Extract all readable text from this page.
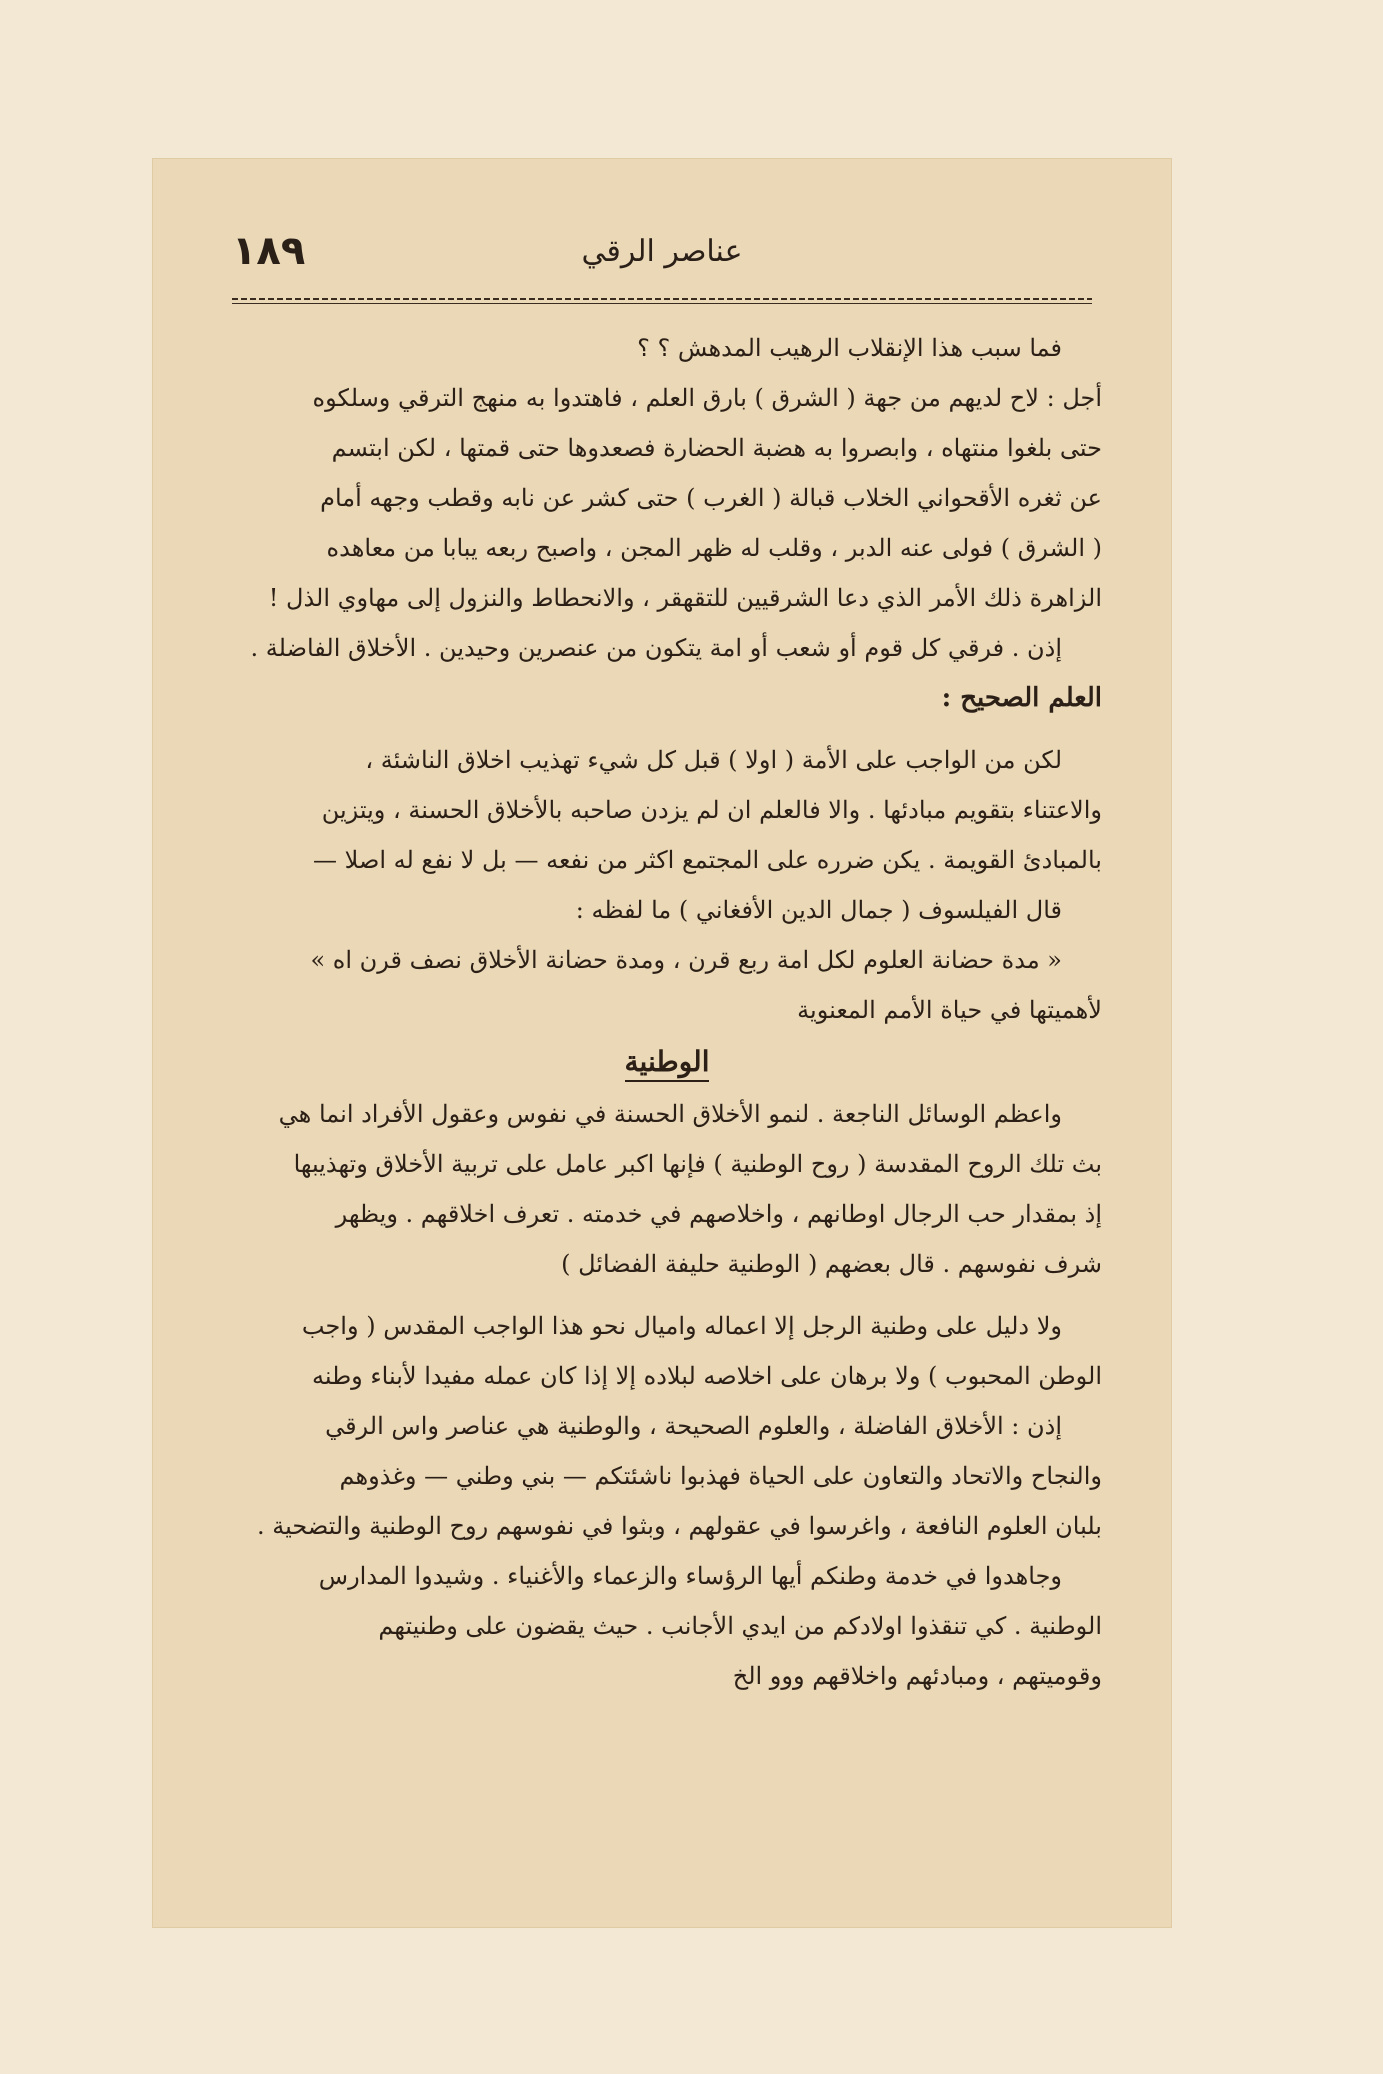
١٨٩	عناصر الرقي
فما سبب هذا الإنقلاب الرهيب المدهش ؟ ؟
أجل : لاح لديهم من جهة ( الشرق ) بارق العلم ، فاهتدوا به منهج الترقي وسلكوه
حتى بلغوا منتهاه ، وابصروا به هضبة الحضارة فصعدوها حتى قمتها ، لكن ابتسم
عن ثغره الأقحواني الخلاب قبالة ( الغرب ) حتى كشر عن نابه وقطب وجهه أمام
( الشرق ) فولى عنه الدبر ، وقلب له ظهر المجن ، واصبح ربعه يبابا من معاهده
الزاهرة ذلك الأمر الذي دعا الشرقيين للتقهقر ، والانحطاط والنزول إلى مهاوي الذل !
إذن . فرقي كل قوم أو شعب أو امة يتكون من عنصرين وحيدين . الأخلاق الفاضلة .
العلم الصحيح :
لكن من الواجب على الأمة ( اولا ) قبل كل شيء تهذيب اخلاق الناشئة ،
والاعتناء بتقويم مبادئها . والا فالعلم ان لم يزدن صاحبه بالأخلاق الحسنة ، ويتزين
بالمبادئ القويمة . يكن ضرره على المجتمع اكثر من نفعه — بل لا نفع له اصلا —
قال الفيلسوف ( جمال الدين الأفغاني ) ما لفظه :
« مدة حضانة العلوم لكل امة ربع قرن ، ومدة حضانة الأخلاق نصف قرن اه »
لأهميتها في حياة الأمم المعنوية
الوطنية
واعظم الوسائل الناجعة . لنمو الأخلاق الحسنة في نفوس وعقول الأفراد انما هي
بث تلك الروح المقدسة ( روح الوطنية ) فإنها اكبر عامل على تربية الأخلاق وتهذيبها
إذ بمقدار حب الرجال اوطانهم ، واخلاصهم في خدمته . تعرف اخلاقهم . ويظهر
شرف نفوسهم . قال بعضهم ( الوطنية حليفة الفضائل )
ولا دليل على وطنية الرجل إلا اعماله واميال نحو هذا الواجب المقدس ( واجب
الوطن المحبوب ) ولا برهان على اخلاصه لبلاده إلا إذا كان عمله مفيدا لأبناء وطنه
إذن : الأخلاق الفاضلة ، والعلوم الصحيحة ، والوطنية هي عناصر واس الرقي
والنجاح والاتحاد والتعاون على الحياة فهذبوا ناشئتكم — بني وطني — وغذوهم
بلبان العلوم النافعة ، واغرسوا في عقولهم ، وبثوا في نفوسهم روح الوطنية والتضحية .
وجاهدوا في خدمة وطنكم أيها الرؤساء والزعماء والأغنياء . وشيدوا المدارس
الوطنية . كي تنقذوا اولادكم من ايدي الأجانب . حيث يقضون على وطنيتهم
وقوميتهم ، ومبادئهم واخلاقهم ووو الخ
